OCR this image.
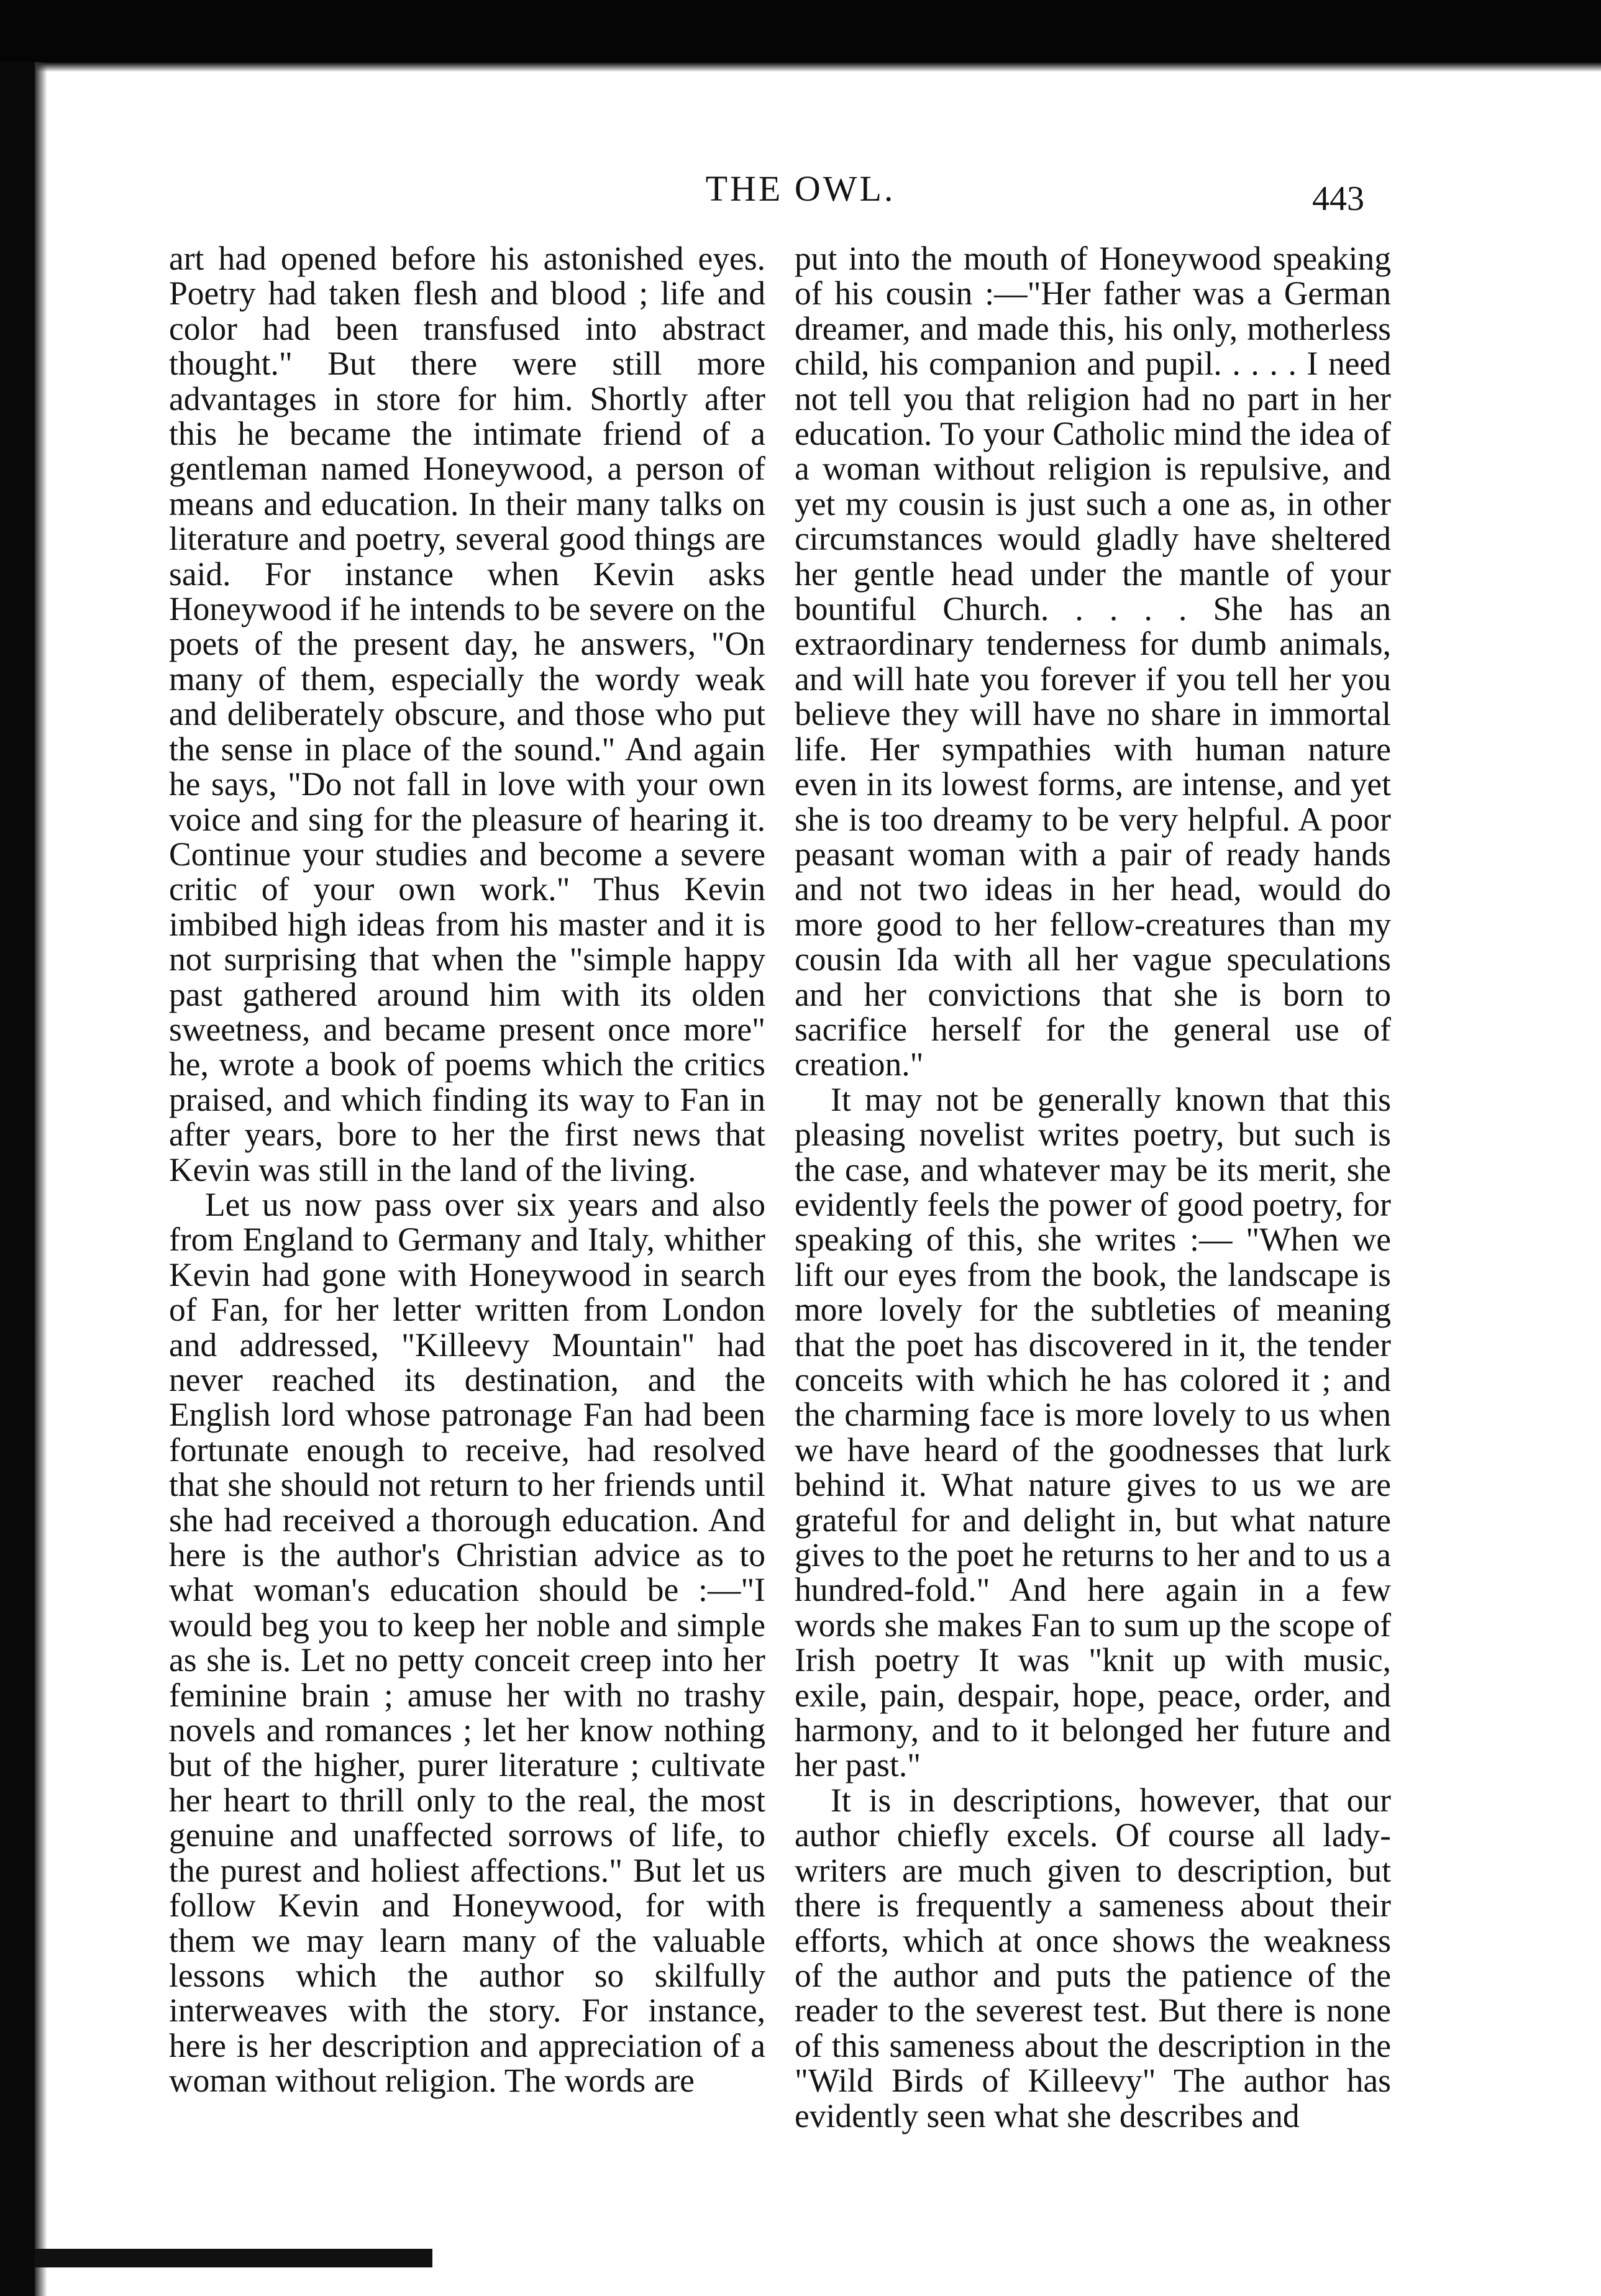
THE OWL.	443

art had opened before his astonished eyes. Poetry had taken flesh and blood ; life and color had been transfused into abstract thought." But there were still more advantages in store for him. Shortly after this he became the intimate friend of a gentleman named Honeywood, a person of means and education. In their many talks on literature and poetry, several good things are said. For instance when Kevin asks Honeywood if he intends to be severe on the poets of the present day, he answers, "On many of them, especially the wordy weak and deliberately obscure, and those who put the sense in place of the sound." And again he says, "Do not fall in love with your own voice and sing for the pleasure of hearing it. Continue your studies and become a severe critic of your own work." Thus Kevin imbibed high ideas from his master and it is not surprising that when the "simple happy past gathered around him with its olden sweetness, and became present once more" he, wrote a book of poems which the critics praised, and which finding its way to Fan in after years, bore to her the first news that Kevin was still in the land of the living.

Let us now pass over six years and also from England to Germany and Italy, whither Kevin had gone with Honeywood in search of Fan, for her letter written from London and addressed, "Killeevy Mountain" had never reached its destination, and the English lord whose patronage Fan had been fortunate enough to receive, had resolved that she should not return to her friends until she had received a thorough education. And here is the author's Christian advice as to what woman's education should be :—"I would beg you to keep her noble and simple as she is. Let no petty conceit creep into her feminine brain ; amuse her with no trashy novels and romances ; let her know nothing but of the higher, purer literature ; cultivate her heart to thrill only to the real, the most genuine and unaffected sorrows of life, to the purest and holiest affections." But let us follow Kevin and Honeywood, for with them we may learn many of the valuable lessons which the author so skilfully interweaves with the story. For instance, here is her description and appreciation of a woman without religion. The words are

put into the mouth of Honeywood speaking of his cousin :—"Her father was a German dreamer, and made this, his only, motherless child, his companion and pupil. . . . . I need not tell you that religion had no part in her education. To your Catholic mind the idea of a woman without religion is repulsive, and yet my cousin is just such a one as, in other circumstances would gladly have sheltered her gentle head under the mantle of your bountiful Church. . . . . She has an extraordinary tenderness for dumb animals, and will hate you forever if you tell her you believe they will have no share in immortal life. Her sympathies with human nature even in its lowest forms, are intense, and yet she is too dreamy to be very helpful. A poor peasant woman with a pair of ready hands and not two ideas in her head, would do more good to her fellow-creatures than my cousin Ida with all her vague speculations and her convictions that she is born to sacrifice herself for the general use of creation."

It may not be generally known that this pleasing novelist writes poetry, but such is the case, and whatever may be its merit, she evidently feels the power of good poetry, for speaking of this, she writes :— "When we lift our eyes from the book, the landscape is more lovely for the subtleties of meaning that the poet has discovered in it, the tender conceits with which he has colored it ; and the charming face is more lovely to us when we have heard of the goodnesses that lurk behind it. What nature gives to us we are grateful for and delight in, but what nature gives to the poet he returns to her and to us a hundred-fold." And here again in a few words she makes Fan to sum up the scope of Irish poetry It was "knit up with music, exile, pain, despair, hope, peace, order, and harmony, and to it belonged her future and her past."

It is in descriptions, however, that our author chiefly excels. Of course all lady-writers are much given to description, but there is frequently a sameness about their efforts, which at once shows the weakness of the author and puts the patience of the reader to the severest test. But there is none of this sameness about the description in the "Wild Birds of Killeevy" The author has evidently seen what she describes and
